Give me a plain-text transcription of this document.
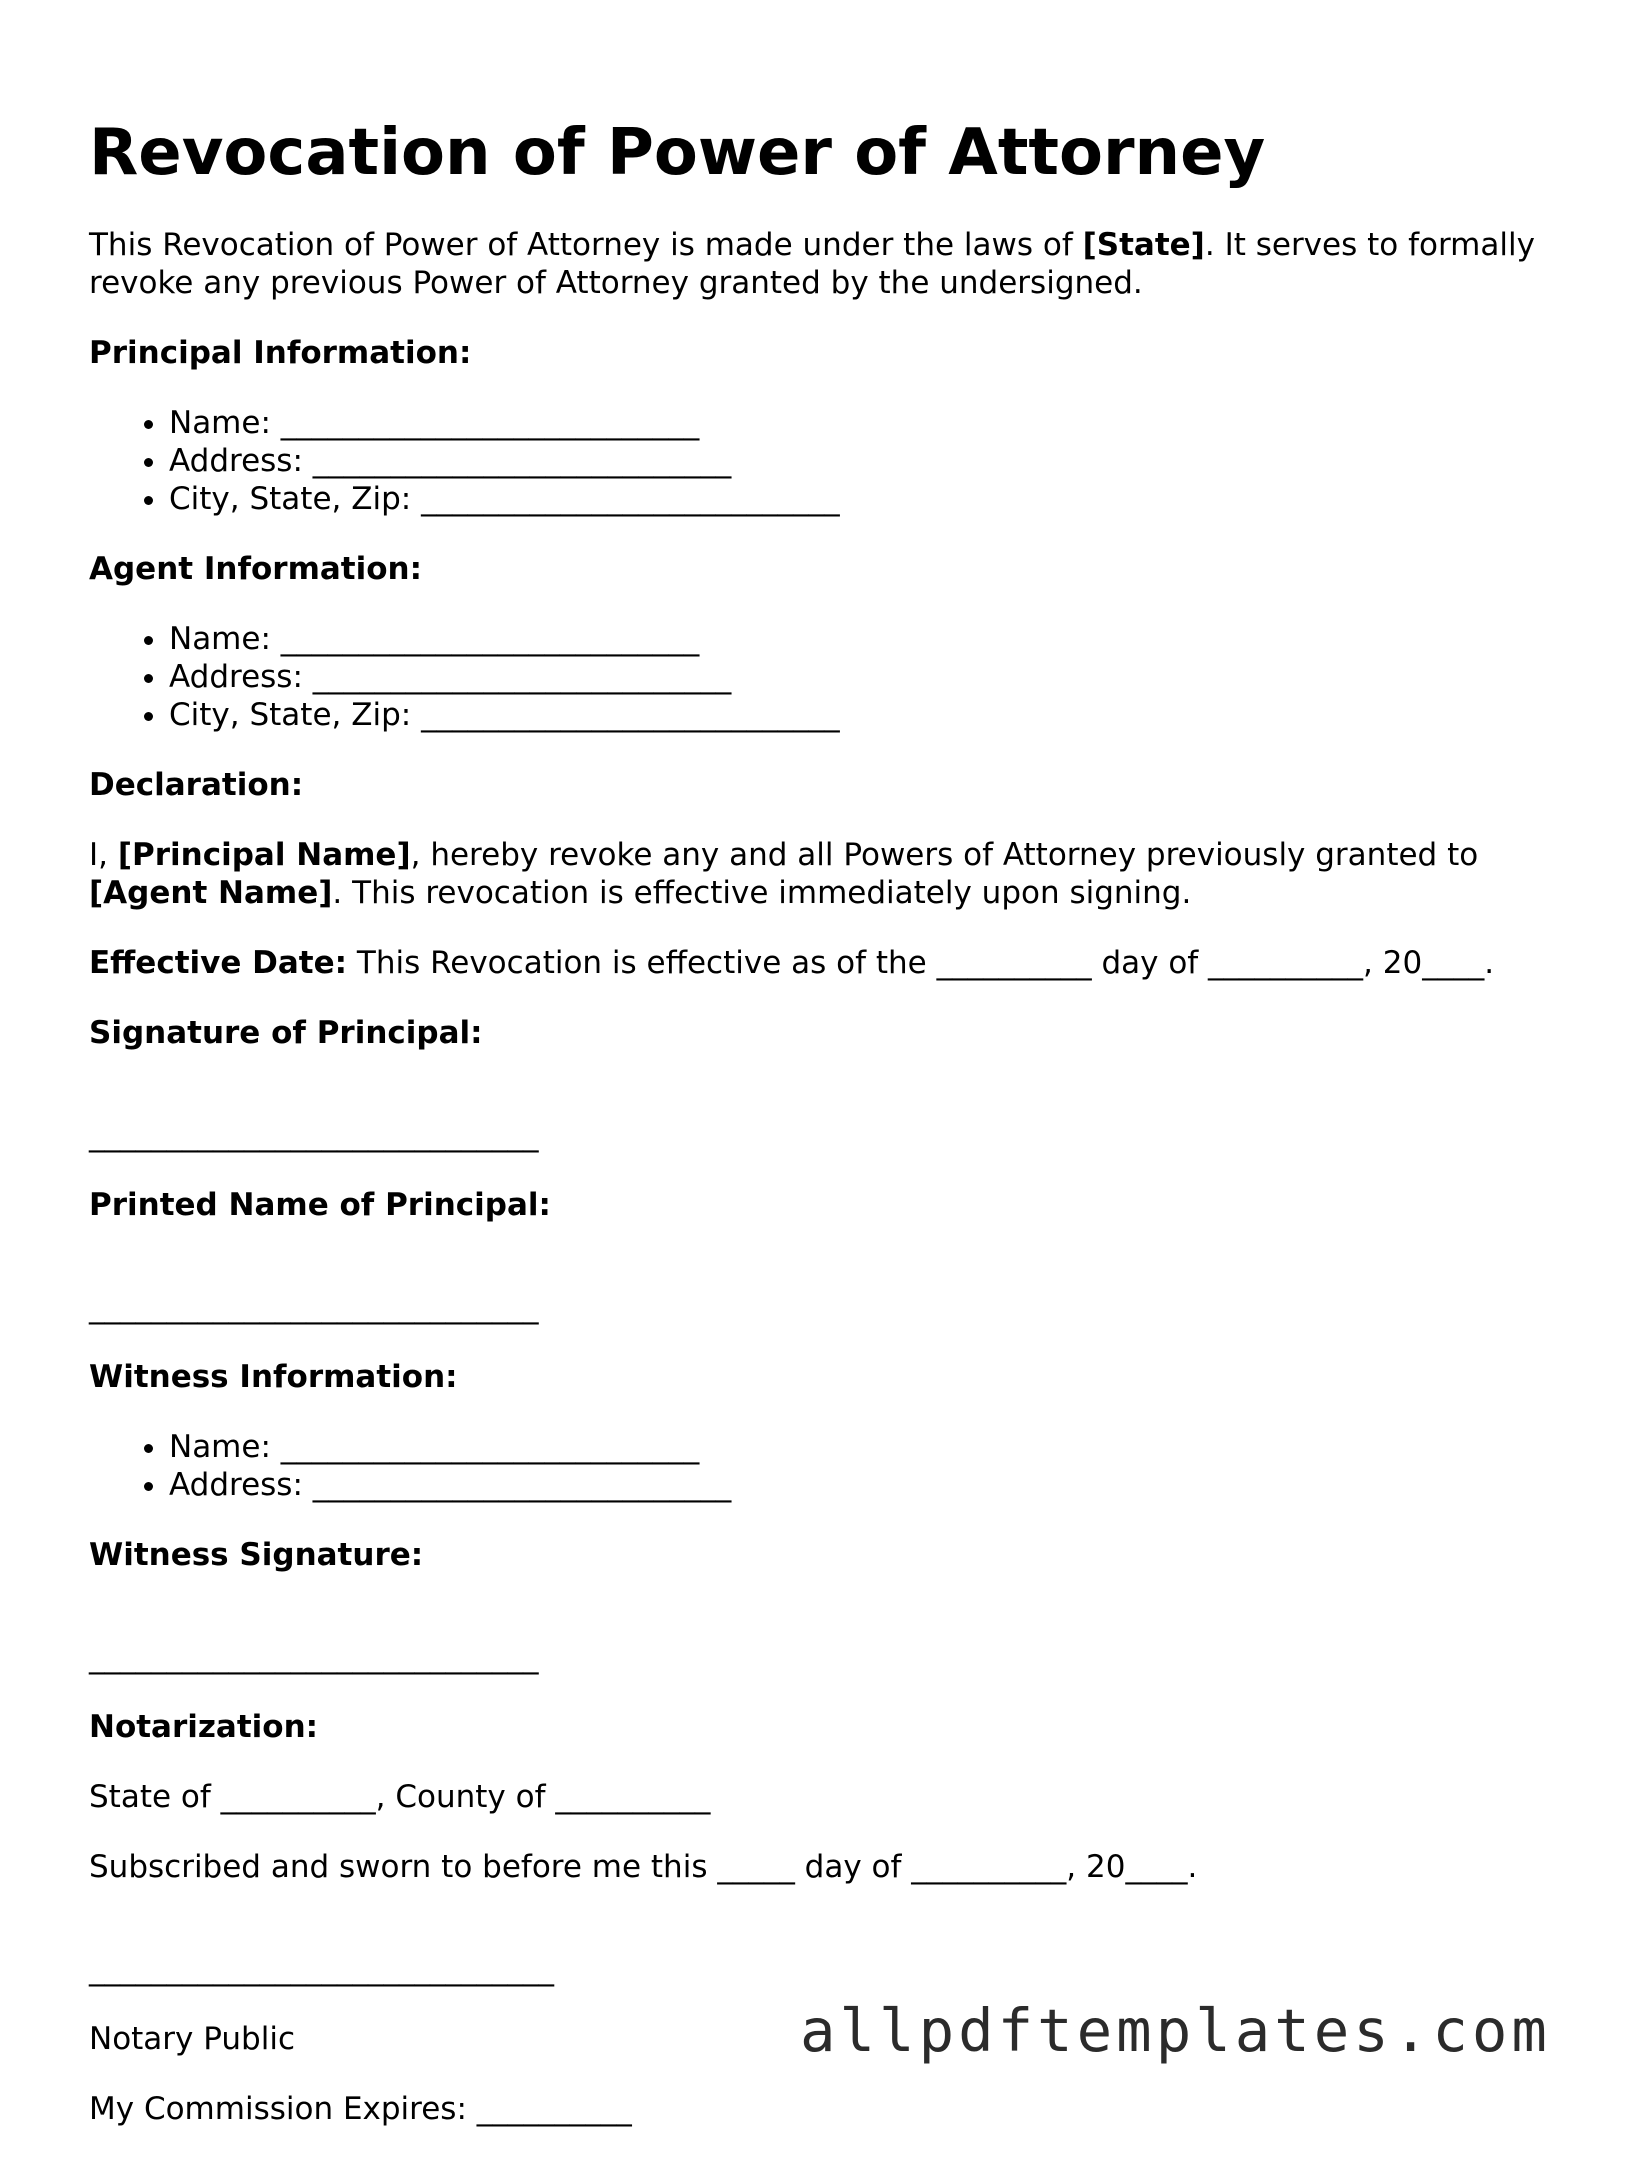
Revocation of Power of Attorney

This Revocation of Power of Attorney is made under the laws of [State]. It serves to formally revoke any previous Power of Attorney granted by the undersigned.

Principal Information:
• Name: ___________________________
• Address: ___________________________
• City, State, Zip: ___________________________
Agent Information:
• Name: ___________________________
• Address: ___________________________
• City, State, Zip: ___________________________
Declaration:

I, [Principal Name], hereby revoke any and all Powers of Attorney previously granted to [Agent Name]. This revocation is effective immediately upon signing.

Effective Date: This Revocation is effective as of the __________ day of __________, 20____.

Signature of Principal:
_____________________________
Printed Name of Principal:
_____________________________
Witness Information:
• Name: ___________________________
• Address: ___________________________
Witness Signature:
_____________________________
Notarization:

State of __________, County of __________

Subscribed and sworn to before me this _____ day of __________, 20____.

______________________________

Notary Public

My Commission Expires: __________

allpdftemplates.com
